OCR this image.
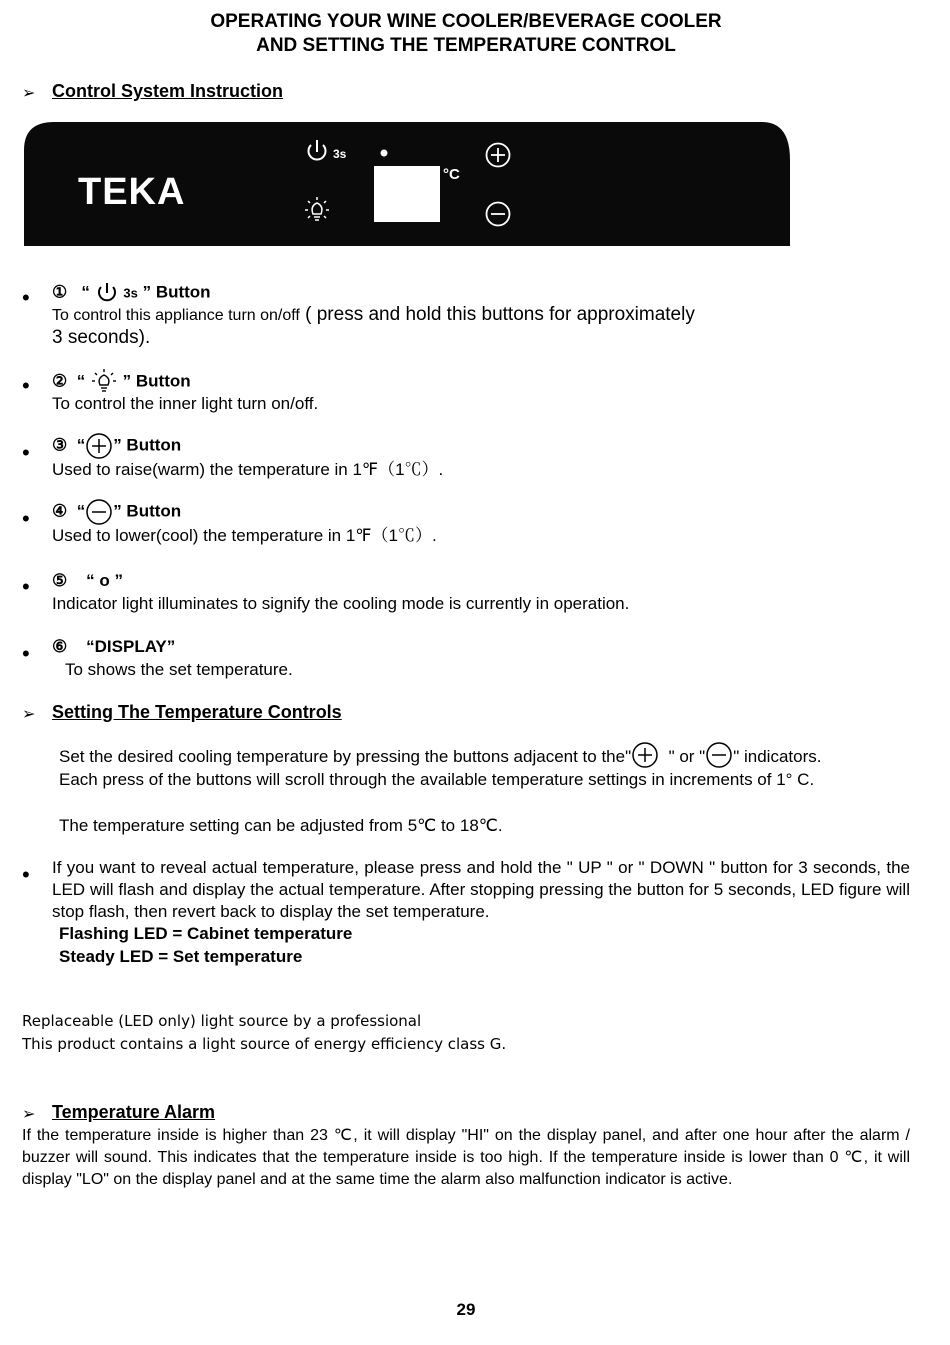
OPERATING YOUR WINE COOLER/BEVERAGE COOLER
AND SETTING THE TEMPERATURE CONTROL
➢ Control System Instruction
TEKA
3s
°C
• ① “	3s ” Button
To control this appliance turn on/off ( press and hold this buttons for approximately
3 seconds).
• ② “ ” Button
To control the inner light turn on/off.
• ③ “ ” Button
Used to raise(warm) the temperature in 1℉（1℃）.
• ④ “ ” Button
Used to lower(cool) the temperature in 1℉（1℃）.
• ⑤ “ o ”
Indicator light illuminates to signify the cooling mode is currently in operation.
• ⑥ “DISPLAY”
To shows the set temperature.
➢ Setting The Temperature Controls
Set the desired cooling temperature by pressing the buttons adjacent to the" " or " " indicators.
Each press of the buttons will scroll through the available temperature settings in increments of 1° C.
The temperature setting can be adjusted from 5℃ to 18℃.
• If you want to reveal actual temperature, please press and hold the " UP " or " DOWN " button for 3 seconds, the LED will flash and display the actual temperature. After stopping pressing the button for 5 seconds, LED figure will stop flash, then revert back to display the set temperature.
Flashing LED = Cabinet temperature
Steady LED = Set temperature
Replaceable (LED only) light source by a professional
This product contains a light source of energy efficiency class G.
➢ Temperature Alarm
If the temperature inside is higher than 23 ℃, it will display "HI" on the display panel, and after one hour after the alarm / buzzer will sound. This indicates that the temperature inside is too high. If the temperature inside is lower than 0 ℃, it will display "LO" on the display panel and at the same time the alarm also malfunction indicator is active.
29
